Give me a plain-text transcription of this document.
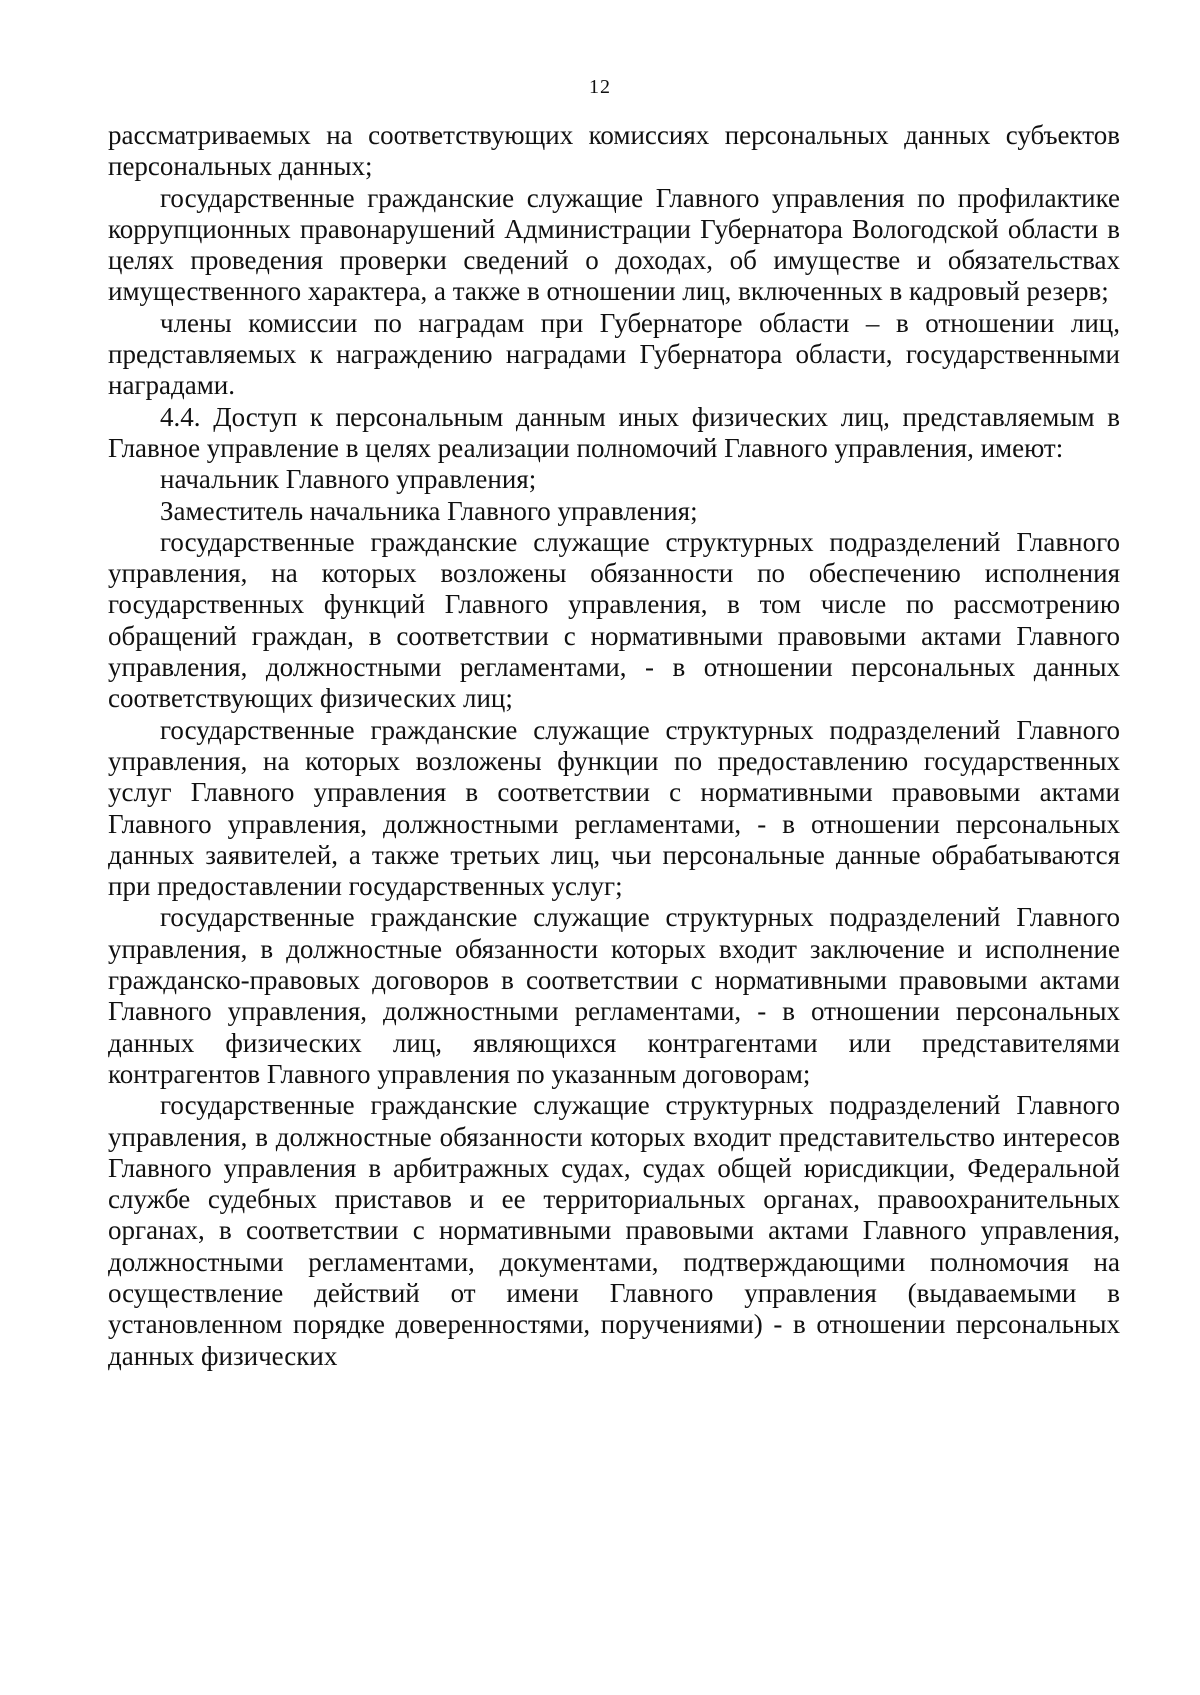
12

рассматриваемых на соответствующих комиссиях персональных данных субъектов персональных данных;

государственные гражданские служащие Главного управления по профилактике коррупционных правонарушений Администрации Губернатора Вологодской области в целях проведения проверки сведений о доходах, об имуществе и обязательствах имущественного характера, а также в отношении лиц, включенных в кадровый резерв;

члены комиссии по наградам при Губернаторе области – в отношении лиц, представляемых к награждению наградами Губернатора области, государственными наградами.

4.4. Доступ к персональным данным иных физических лиц, представляемым в Главное управление в целях реализации полномочий Главного управления, имеют:

начальник Главного управления;

Заместитель начальника Главного управления;

государственные гражданские служащие структурных подразделений Главного управления, на которых возложены обязанности по обеспечению исполнения государственных функций Главного управления, в том числе по рассмотрению обращений граждан, в соответствии с нормативными правовыми актами Главного управления, должностными регламентами, - в отношении персональных данных соответствующих физических лиц;

государственные гражданские служащие структурных подразделений Главного управления, на которых возложены функции по предоставлению государственных услуг Главного управления в соответствии с нормативными правовыми актами Главного управления, должностными регламентами, - в отношении персональных данных заявителей, а также третьих лиц, чьи персональные данные обрабатываются при предоставлении государственных услуг;

государственные гражданские служащие структурных подразделений Главного управления, в должностные обязанности которых входит заключение и исполнение гражданско-правовых договоров в соответствии с нормативными правовыми актами Главного управления, должностными регламентами, - в отношении персональных данных физических лиц, являющихся контрагентами или представителями контрагентов Главного управления по указанным договорам;

государственные гражданские служащие структурных подразделений Главного управления, в должностные обязанности которых входит представительство интересов Главного управления в арбитражных судах, судах общей юрисдикции, Федеральной службе судебных приставов и ее территориальных органах, правоохранительных органах, в соответствии с нормативными правовыми актами Главного управления, должностными регламентами, документами, подтверждающими полномочия на осуществление действий от имени Главного управления (выдаваемыми в установленном порядке доверенностями, поручениями) - в отношении персональных данных физических
